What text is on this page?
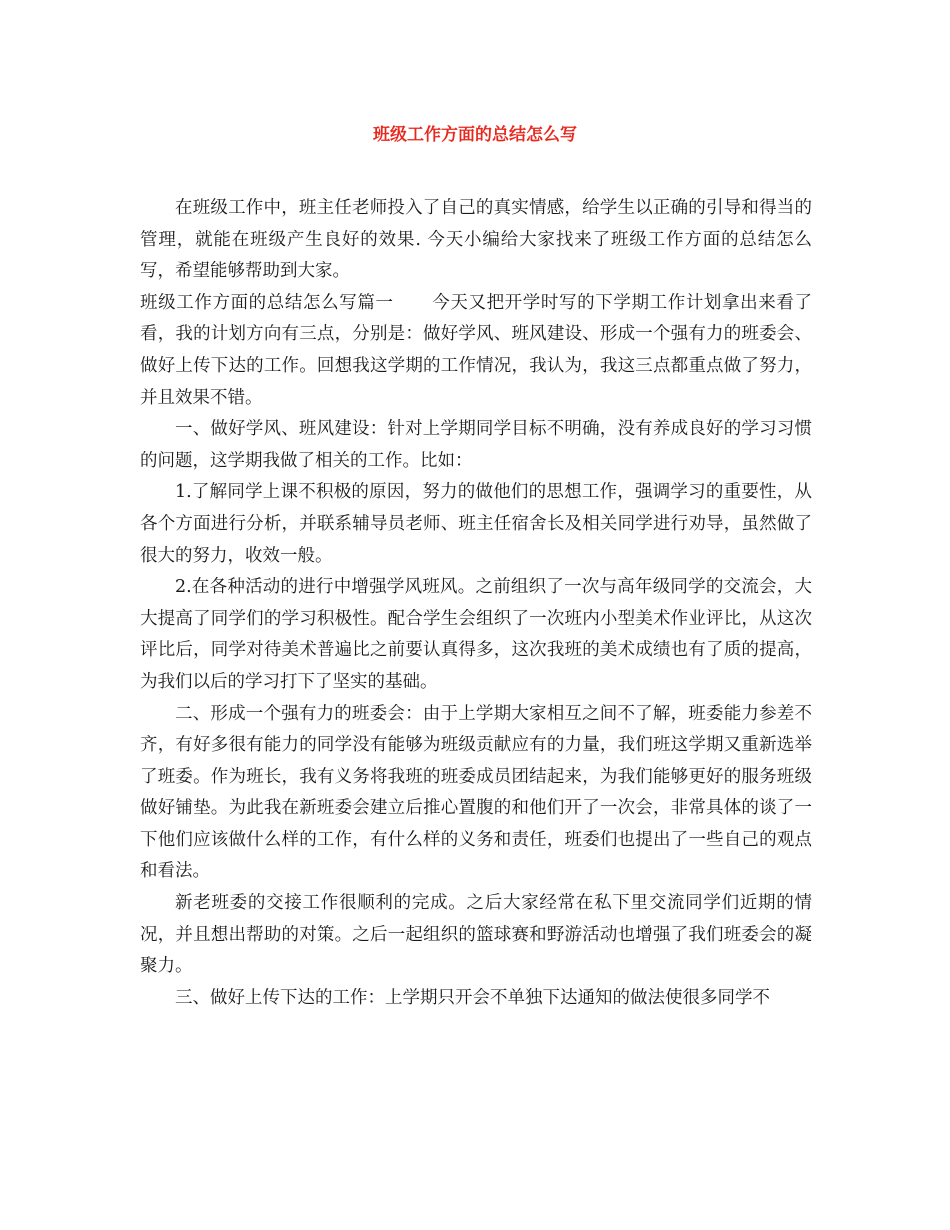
班级工作方面的总结怎么写

在班级工作中，班主任老师投入了自己的真实情感，给学生以正确的引导和得当的管理，就能在班级产生良好的效果. 今天小编给大家找来了班级工作方面的总结怎么写，希望能够帮助到大家。

班级工作方面的总结怎么写篇一 今天又把开学时写的下学期工作计划拿出来看了看，我的计划方向有三点，分别是：做好学风、班风建设、形成一个强有力的班委会、做好上传下达的工作。回想我这学期的工作情况，我认为，我这三点都重点做了努力，并且效果不错。

一、做好学风、班风建设：针对上学期同学目标不明确，没有养成良好的学习习惯的问题，这学期我做了相关的工作。比如：

1.了解同学上课不积极的原因，努力的做他们的思想工作，强调学习的重要性，从各个方面进行分析，并联系辅导员老师、班主任宿舍长及相关同学进行劝导，虽然做了很大的努力，收效一般。

2.在各种活动的进行中增强学风班风。之前组织了一次与高年级同学的交流会，大大提高了同学们的学习积极性。配合学生会组织了一次班内小型美术作业评比，从这次评比后，同学对待美术普遍比之前要认真得多，这次我班的美术成绩也有了质的提高，为我们以后的学习打下了坚实的基础。

二、形成一个强有力的班委会：由于上学期大家相互之间不了解，班委能力参差不齐，有好多很有能力的同学没有能够为班级贡献应有的力量，我们班这学期又重新选举了班委。作为班长，我有义务将我班的班委成员团结起来，为我们能够更好的服务班级做好铺垫。为此我在新班委会建立后推心置腹的和他们开了一次会，非常具体的谈了一下他们应该做什么样的工作，有什么样的义务和责任，班委们也提出了一些自己的观点和看法。

新老班委的交接工作很顺利的完成。之后大家经常在私下里交流同学们近期的情况，并且想出帮助的对策。之后一起组织的篮球赛和野游活动也增强了我们班委会的凝聚力。

三、做好上传下达的工作：上学期只开会不单独下达通知的做法使很多同学不
